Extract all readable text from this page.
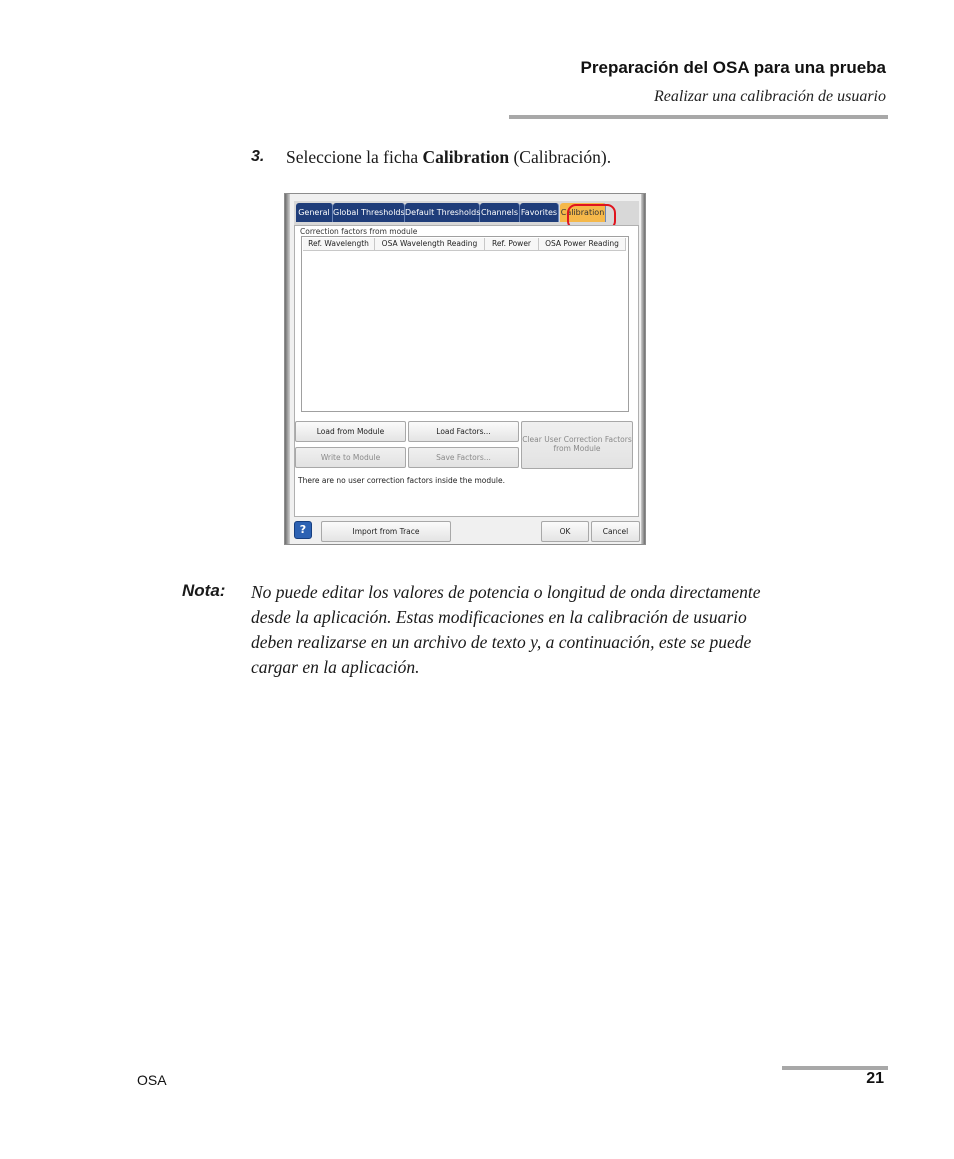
Preparación del OSA para una prueba
Realizar una calibración de usuario
3. Seleccione la ficha Calibration (Calibración).
General Global Thresholds Default Thresholds Channels Favorites Calibration
Correction factors from module
Ref. Wavelength	OSA Wavelength Reading	Ref. Power	OSA Power Reading
Load from Module	Load Factors...
Clear User Correction Factors from Module
Write to Module	Save Factors...
There are no user correction factors inside the module.
?	Import from Trace	OK	Cancel
Nota: No puede editar los valores de potencia o longitud de onda directamente
desde la aplicación. Estas modificaciones en la calibración de usuario
deben realizarse en un archivo de texto y, a continuación, este se puede
cargar en la aplicación.
OSA	21
